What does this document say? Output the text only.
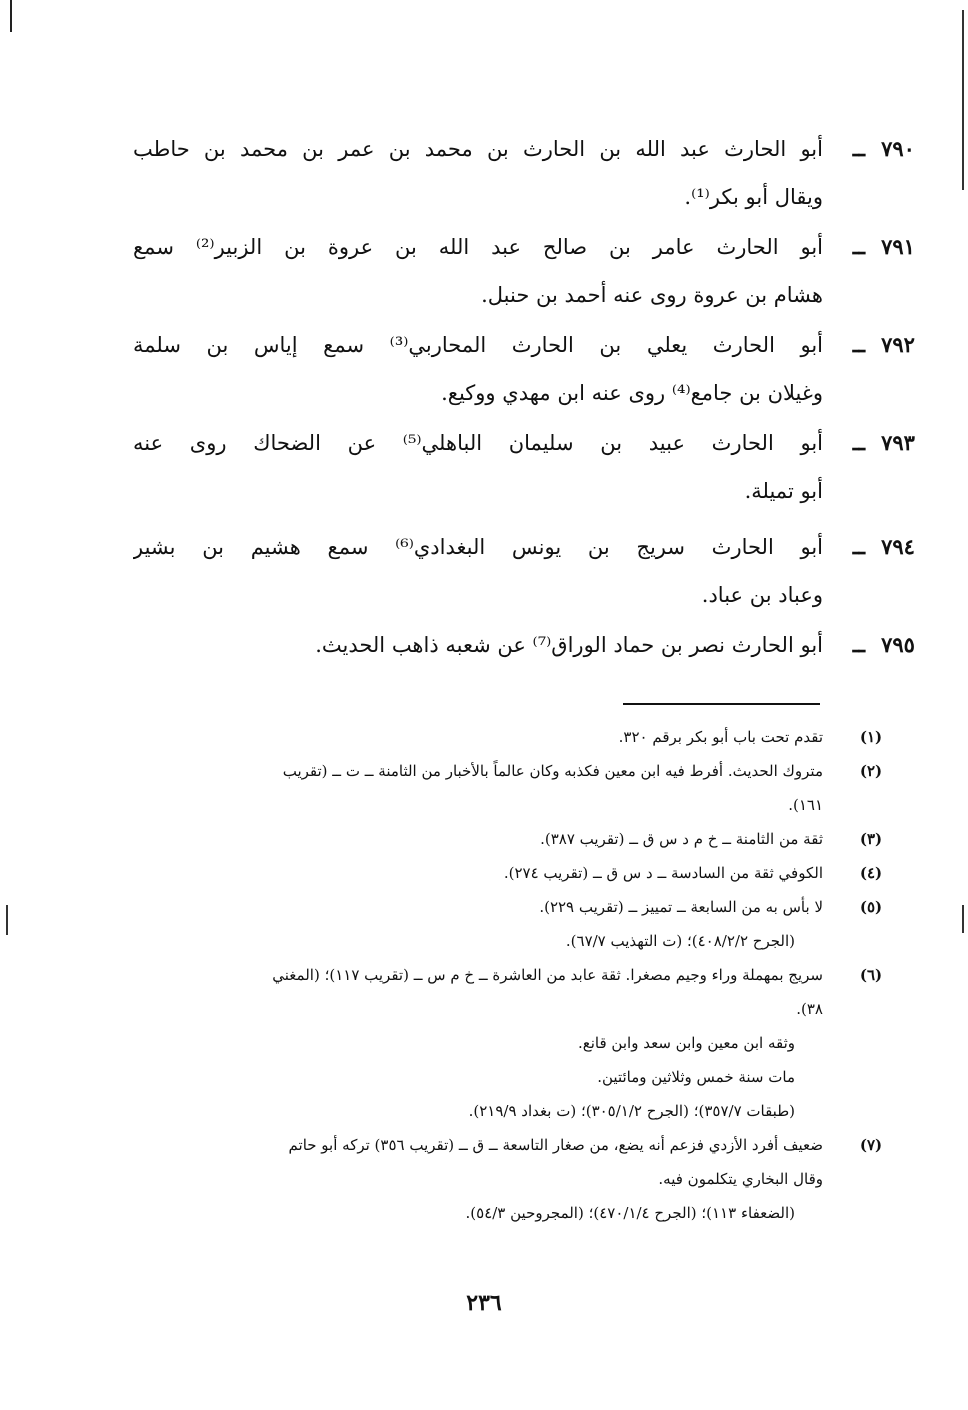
٧٩٠
ــ
أبو الحارث عبد الله بن الحارث بن محمد بن عمر بن محمد بن حاطب
ويقال أبو بكر⁽¹⁾.
٧٩١
ــ
أبو الحارث عامر بن صالح عبد الله بن عروة بن الزبير⁽²⁾ سمع
هشام بن عروة روى عنه أحمد بن حنبل.
٧٩٢
ــ
أبو الحارث يعلي بن الحارث المحاربي⁽³⁾ سمع إياس بن سلمة
وغيلان بن جامع⁽⁴⁾ روى عنه ابن مهدي ووكيع.
٧٩٣
ــ
أبو الحارث عبيد بن سليمان الباهلي⁽⁵⁾ عن الضحاك روى عنه
أبو تميلة.
٧٩٤
ــ
أبو الحارث سريج بن يونس البغدادي⁽⁶⁾ سمع هشيم بن بشير
وعباد بن عباد.
٧٩٥
ــ
أبو الحارث نصر بن حماد الوراق⁽⁷⁾ عن شعبه ذاهب الحديث.
(١)
تقدم تحت باب أبو بكر برقم ٣٢٠.
(٢)
متروك الحديث. أفرط فيه ابن معين فكذبه وكان عالماً بالأخبار من الثامنة ــ ت ــ (تقريب
١٦١).
(٣)
ثقة من الثامنة ــ خ م د س ق ــ (تقريب ٣٨٧).
(٤)
الكوفي ثقة من السادسة ــ د س ق ــ (تقريب ٢٧٤).
(٥)
لا بأس به من السابعة ــ تمييز ــ (تقريب ٢٢٩).
(الجرح ٤٠٨/٢/٢)؛ (ت التهذيب ٦٧/٧).
(٦)
سريج بمهملة وراء وجيم مصغرا. ثقة عابد من العاشرة ــ خ م س ــ (تقريب ١١٧)؛ (المغني
٣٨).
وثقه ابن معين وابن سعد وابن قانع.
مات سنة خمس وثلاثين ومائتين.
(طبقات ٣٥٧/٧)؛ (الجرح ٣٠٥/١/٢)؛ (ت بغداد ٢١٩/٩).
(٧)
ضعيف أفرد الأزدي فزعم أنه يضع، من صغار التاسعة ــ ق ــ (تقريب ٣٥٦) تركه أبو حاتم
وقال البخاري يتكلمون فيه.
(الضعفاء ١١٣)؛ (الجرح ٤٧٠/١/٤)؛ (المجروحين ٥٤/٣).
٢٣٦
